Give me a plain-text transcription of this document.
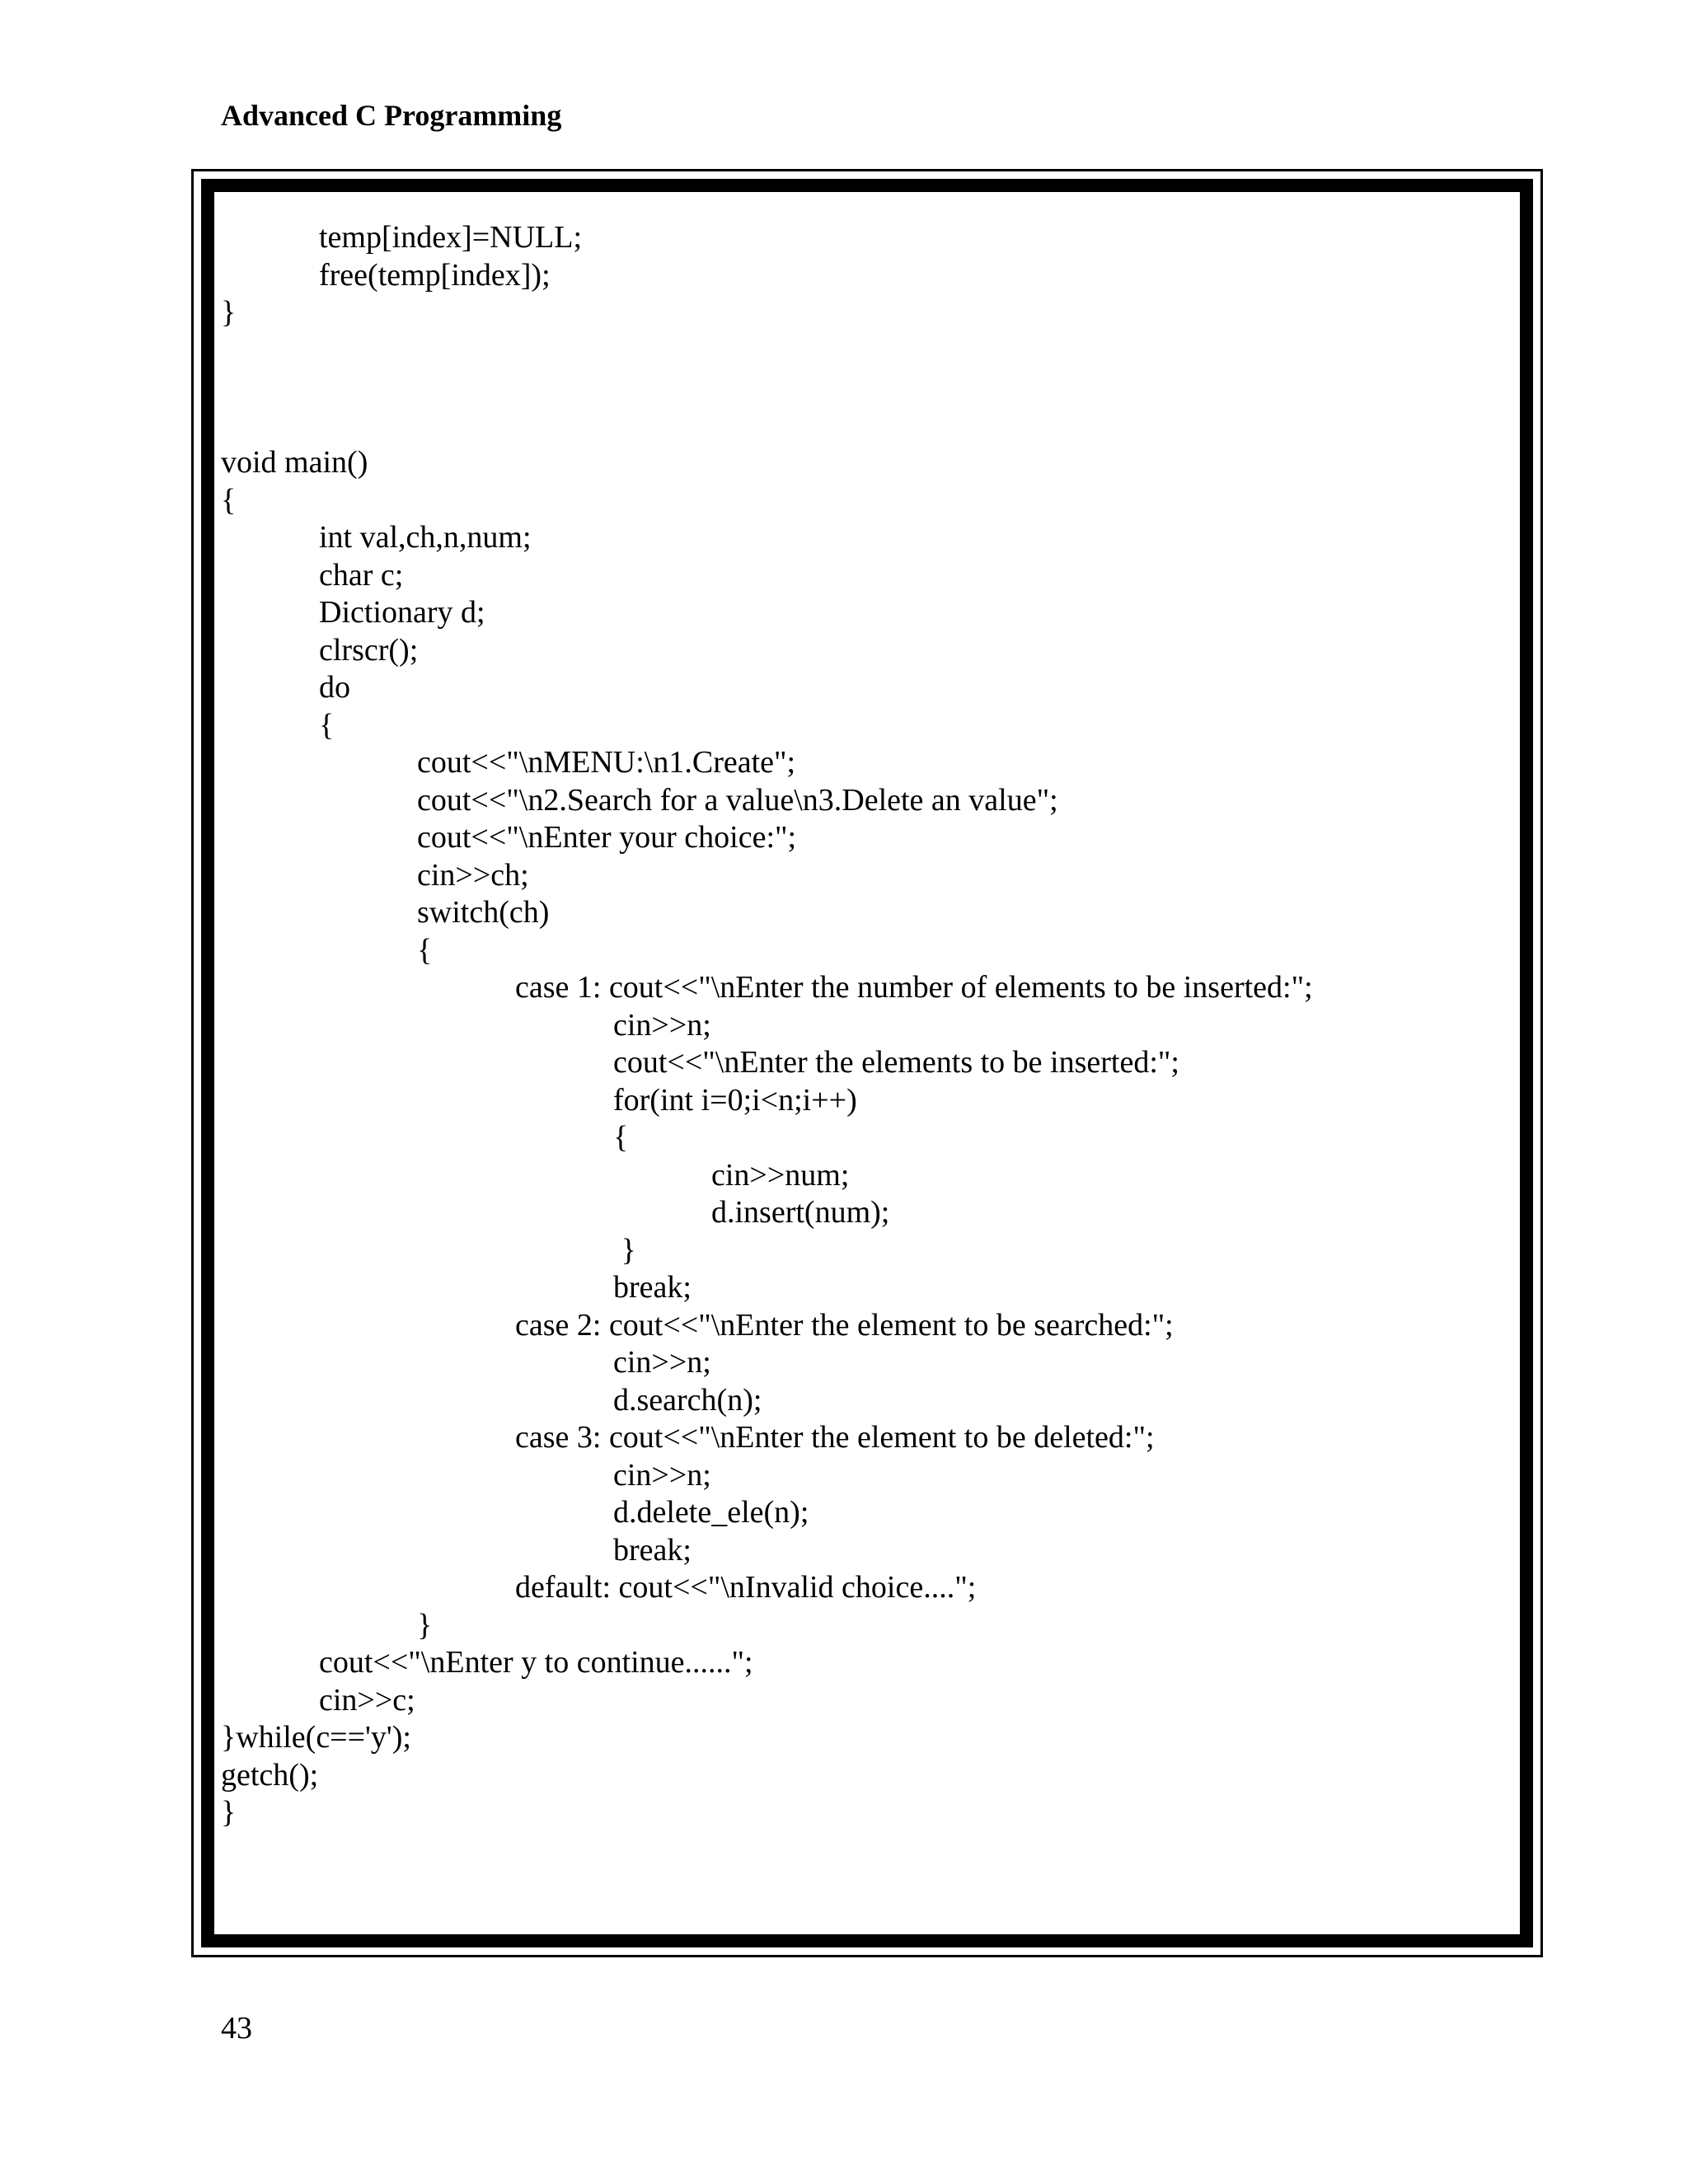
Advanced C Programming
temp[index]=NULL;
free(temp[index]);
}
void main()
{
int val,ch,n,num;
char c;
Dictionary d;
clrscr();
do
{
cout<<"\nMENU:\n1.Create";
cout<<"\n2.Search for a value\n3.Delete an value";
cout<<"\nEnter your choice:";
cin>>ch;
switch(ch)
{
case 1: cout<<"\nEnter the number of elements to be inserted:";
cin>>n;
cout<<"\nEnter the elements to be inserted:";
for(int i=0;i<n;i++)
{
cin>>num;
d.insert(num);
}
break;
case 2: cout<<"\nEnter the element to be searched:";
cin>>n;
d.search(n);
case 3: cout<<"\nEnter the element to be deleted:";
cin>>n;
d.delete_ele(n);
break;
default: cout<<"\nInvalid choice....";
}
cout<<"\nEnter y to continue......";
cin>>c;
}while(c=='y');
getch();
}
43
